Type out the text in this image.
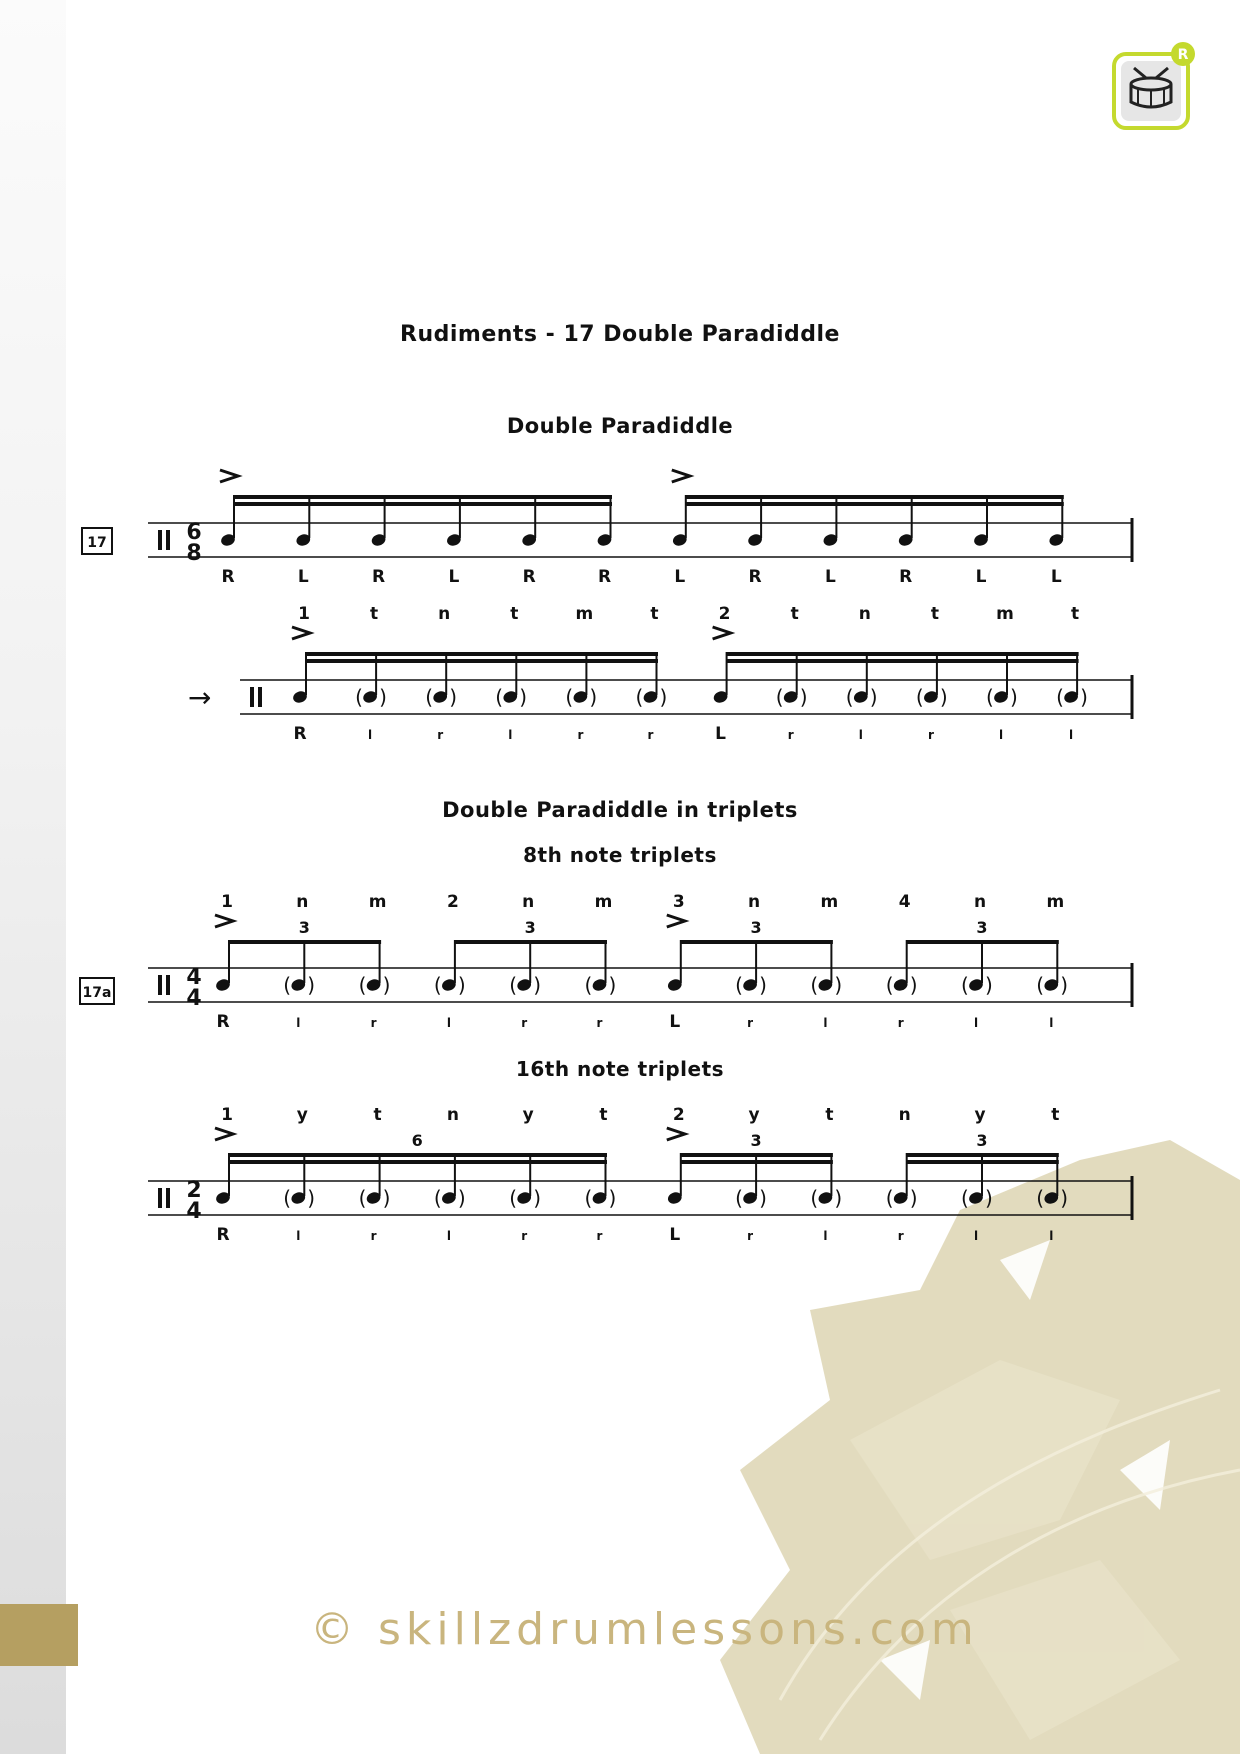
R
Rudiments - 17 Double Paradiddle
Double Paradiddle
Double Paradiddle in triplets
8th note triplets
16th note triplets
6
8
17
R	L	R	L	R	R	L	R	L	R	L	L
→
R
( )
l
( )
r
( )
l
( )
r
( )
r	L
( )
r
( )
l
( )
r
( )
l
( )
l
1	t	n	t	m	t	2	t	n	t	m	t
4
4
17a
R
( )
l
( )
r
( )
l
( )
r
( )
r	L
( )
r
( )
l
( )
r
( )
l
( )
l
1	n	m	2	n	m	3	n	m	4	n	m
3	3	3	3
2
4
R
( )
l
( )
r
( )
l
( )
r
( )
r	L
( )
r
( )
l
( )
r
( )
l
( )
l
1	y	t	n	y	t	2	y	t	n	y	t
6	3	3
© skillzdrumlessons.com
